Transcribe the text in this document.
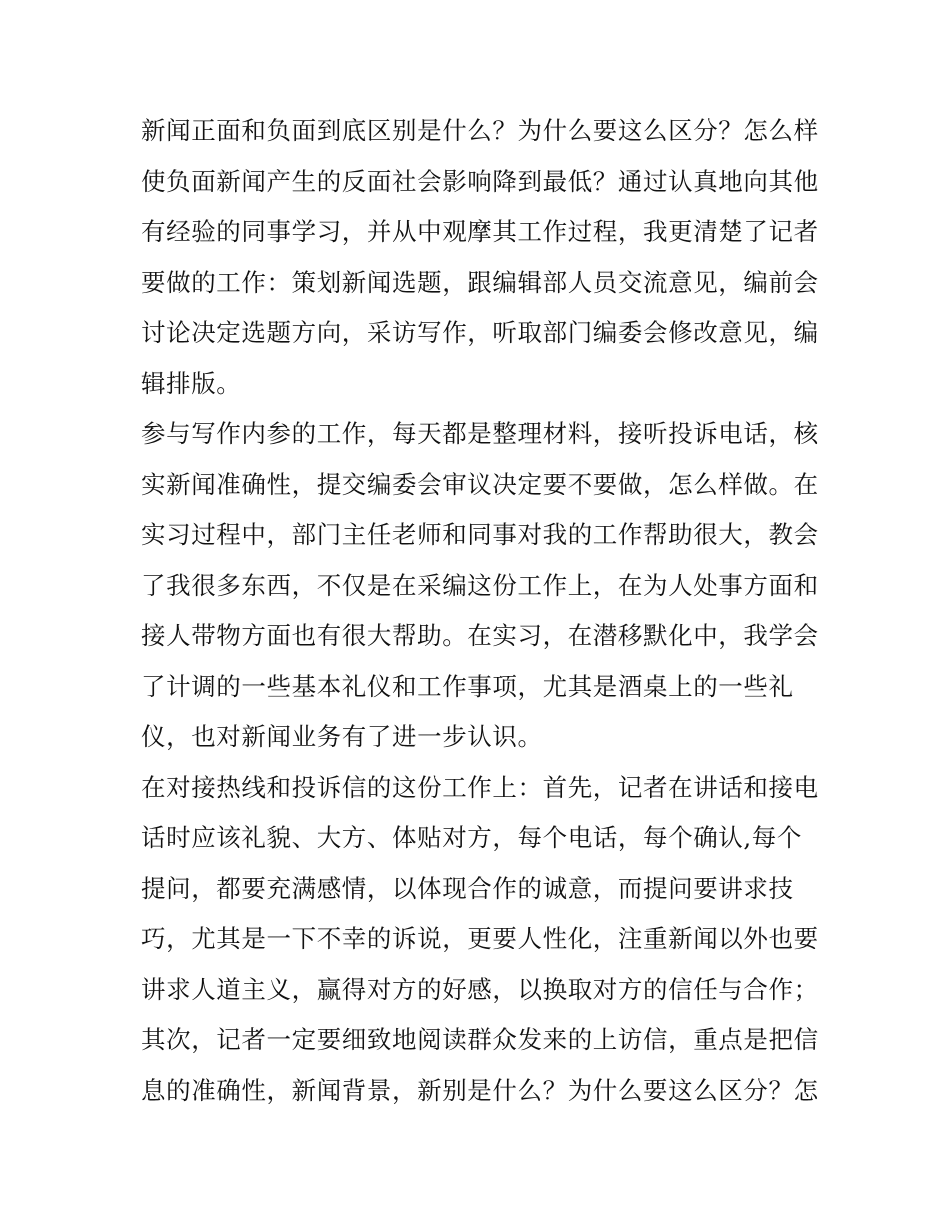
新闻正面和负面到底区别是什么？为什么要这么区分？怎么样
使负面新闻产生的反面社会影响降到最低？通过认真地向其他
有经验的同事学习，并从中观摩其工作过程，我更清楚了记者
要做的工作：策划新闻选题，跟编辑部人员交流意见，编前会
讨论决定选题方向，采访写作，听取部门编委会修改意见，编
辑排版。
参与写作内参的工作，每天都是整理材料，接听投诉电话，核
实新闻准确性，提交编委会审议决定要不要做，怎么样做。在
实习过程中，部门主任老师和同事对我的工作帮助很大，教会
了我很多东西，不仅是在采编这份工作上，在为人处事方面和
接人带物方面也有很大帮助。在实习，在潜移默化中，我学会
了计调的一些基本礼仪和工作事项，尤其是酒桌上的一些礼
仪，也对新闻业务有了进一步认识。
在对接热线和投诉信的这份工作上：首先，记者在讲话和接电
话时应该礼貌、大方、体贴对方，每个电话，每个确认,每个
提问，都要充满感情，以体现合作的诚意，而提问要讲求技
巧，尤其是一下不幸的诉说，更要人性化，注重新闻以外也要
讲求人道主义，赢得对方的好感，以换取对方的信任与合作；
其次，记者一定要细致地阅读群众发来的上访信，重点是把信
息的准确性，新闻背景，新别是什么？为什么要这么区分？怎
